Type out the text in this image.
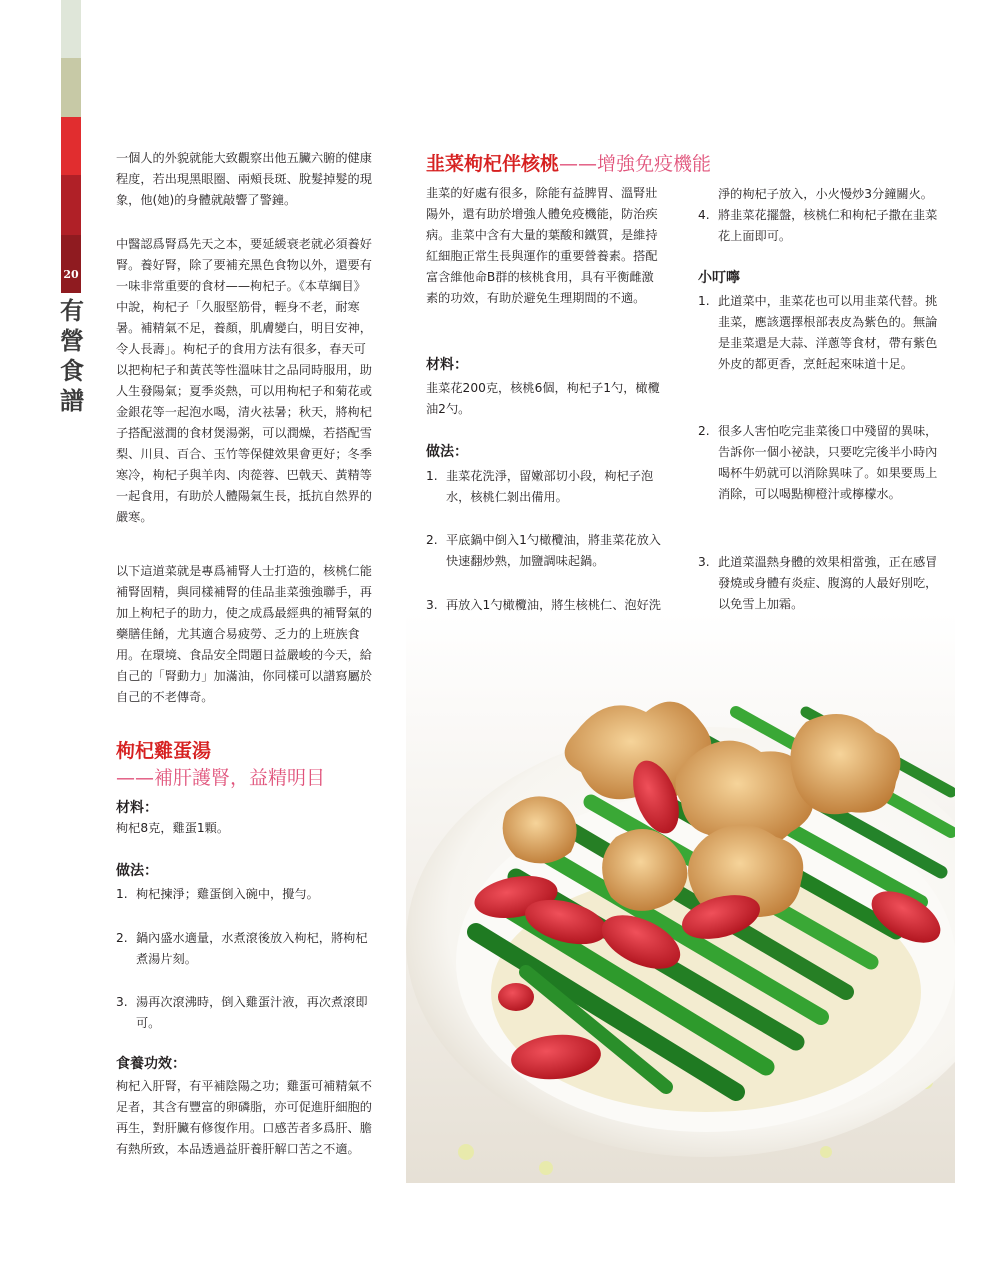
20
有
營
食
譜

一個人的外貌就能大致觀察出他五臟六腑的健康程度，若出現黑眼圈、兩頰長斑、脫髮掉髮的現象，他(她)的身體就敲響了警鐘。

中醫認爲腎爲先天之本，要延緩衰老就必須養好腎。養好腎，除了要補充黑色食物以外，還要有一味非常重要的食材——枸杞子。《本草綱目》中說，枸杞子「久服堅筋骨，輕身不老，耐寒暑。補精氣不足，養顏，肌膚變白，明目安神，令人長壽」。枸杞子的食用方法有很多，春天可以把枸杞子和黃芪等性溫味甘之品同時服用，助人生發陽氣；夏季炎熱，可以用枸杞子和菊花或金銀花等一起泡水喝，清火祛暑；秋天，將枸杞子搭配滋潤的食材煲湯粥，可以潤燥，若搭配雪梨、川貝、百合、玉竹等保健效果會更好；冬季寒冷，枸杞子與羊肉、肉蓯蓉、巴戟天、黃精等一起食用，有助於人體陽氣生長，抵抗自然界的嚴寒。

以下這道菜就是專爲補腎人士打造的，核桃仁能補腎固精，與同樣補腎的佳品韭菜強強聯手，再加上枸杞子的助力，使之成爲最經典的補腎氣的藥膳佳餚，尤其適合易疲勞、乏力的上班族食用。在環境、食品安全問題日益嚴峻的今天，給自己的「腎動力」加滿油，你同樣可以譜寫屬於自己的不老傳奇。

枸杞雞蛋湯
——補肝護腎，益精明目
材料：
枸杞8克，雞蛋1顆。
做法：
1. 枸杞揀淨；雞蛋倒入碗中，攪勻。
2. 鍋內盛水適量，水煮滾後放入枸杞，將枸杞煮湯片刻。
3. 湯再次滾沸時，倒入雞蛋汁液，再次煮滾即可。
食養功效：

枸杞入肝腎，有平補陰陽之功；雞蛋可補精氣不足者，其含有豐富的卵磷脂，亦可促進肝細胞的再生，對肝臟有修復作用。口感苦者多爲肝、膽有熱所致，本品透過益肝養肝解口苦之不適。

韭菜枸杞伴核桃——增強免疫機能

韭菜的好處有很多，除能有益脾胃、溫腎壯陽外，還有助於增強人體免疫機能，防治疾病。韭菜中含有大量的葉酸和鐵質，是維持紅細胞正常生長與運作的重要營養素。搭配富含維他命B群的核桃食用，具有平衡雌激素的功效，有助於避免生理期間的不適。

材料：
韭菜花200克，核桃6個，枸杞子1勺，橄欖油2勺。
做法：
1. 韭菜花洗淨，留嫩部切小段，枸杞子泡水，核桃仁剝出備用。
2. 平底鍋中倒入1勺橄欖油，將韭菜花放入快速翻炒熟，加鹽調味起鍋。
3. 再放入1勺橄欖油，將生核桃仁、泡好洗
淨的枸杞子放入，小火慢炒3分鐘關火。
4. 將韭菜花擺盤，核桃仁和枸杞子撒在韭菜花上面即可。
小叮嚀
1. 此道菜中，韭菜花也可以用韭菜代替。挑韭菜，應該選擇根部表皮為紫色的。無論是韭菜還是大蒜、洋蔥等食材，帶有紫色外皮的都更香，烹飪起來味道十足。
2. 很多人害怕吃完韭菜後口中殘留的異味，告訴你一個小祕訣，只要吃完後半小時內喝杯牛奶就可以消除異味了。如果要馬上消除，可以喝點柳橙汁或檸檬水。
3. 此道菜溫熱身體的效果相當強，正在感冒發燒或身體有炎症、腹瀉的人最好別吃，以免雪上加霜。
